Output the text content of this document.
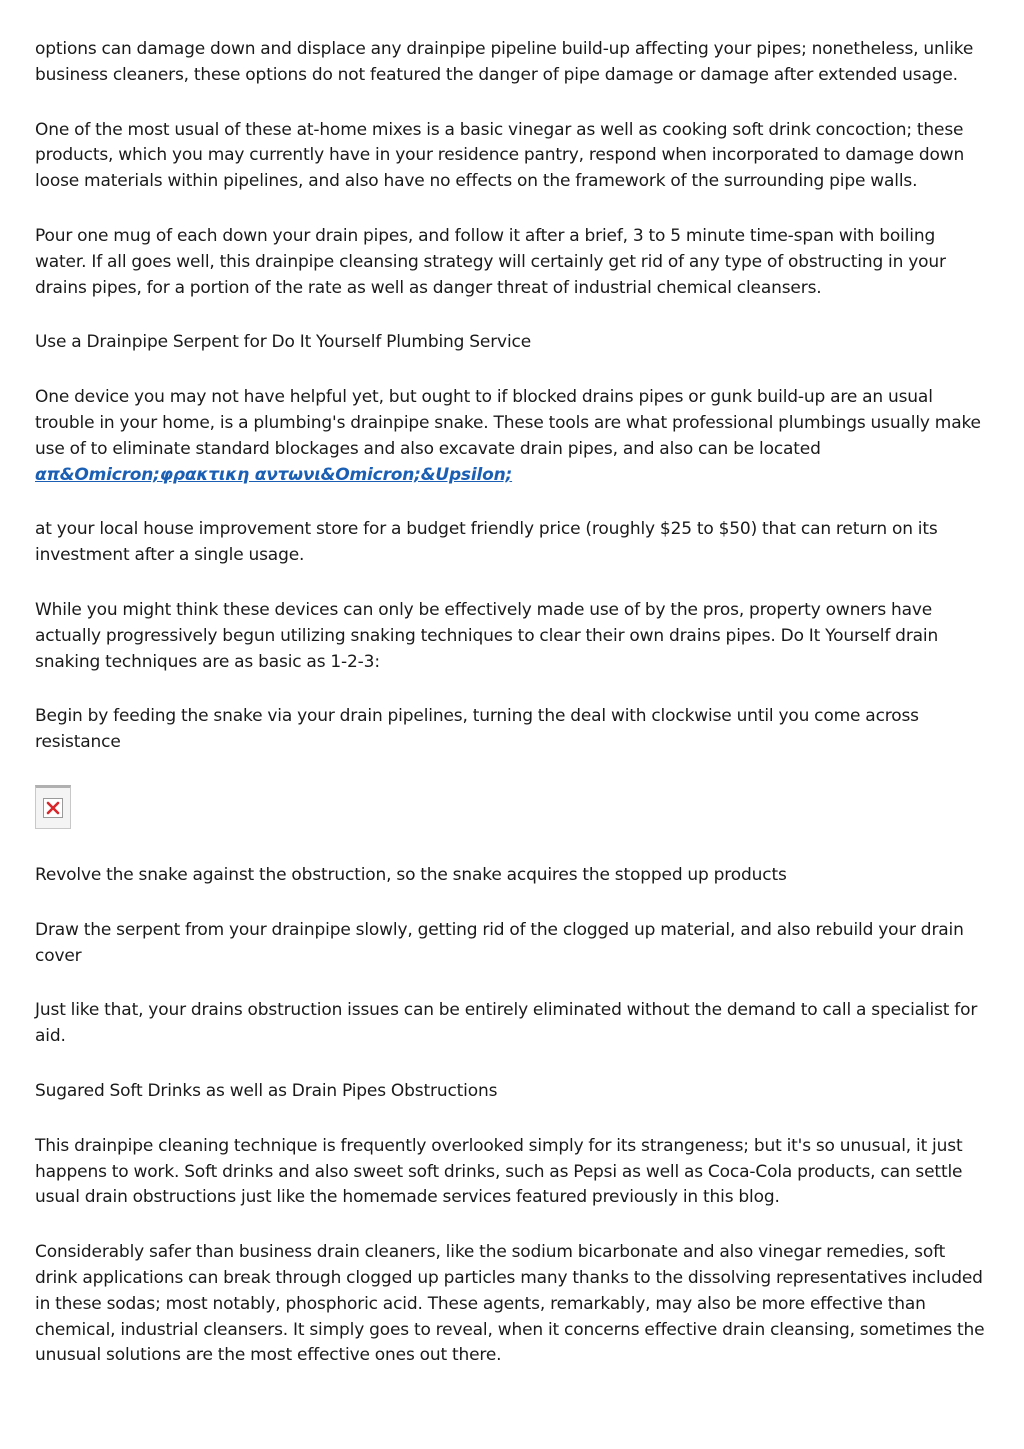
options can damage down and displace any drainpipe pipeline build-up affecting your pipes; nonetheless, unlike business cleaners, these options do not featured the danger of pipe damage or damage after extended usage.

One of the most usual of these at-home mixes is a basic vinegar as well as cooking soft drink concoction; these products, which you may currently have in your residence pantry, respond when incorporated to damage down loose materials within pipelines, and also have no effects on the framework of the surrounding pipe walls.

Pour one mug of each down your drain pipes, and follow it after a brief, 3 to 5 minute time-span with boiling water. If all goes well, this drainpipe cleansing strategy will certainly get rid of any type of obstructing in your drains pipes, for a portion of the rate as well as danger threat of industrial chemical cleansers.

Use a Drainpipe Serpent for Do It Yourself Plumbing Service

One device you may not have helpful yet, but ought to if blocked drains pipes or gunk build-up are an usual trouble in your home, is a plumbing's drainpipe snake. These tools are what professional plumbings usually make use of to eliminate standard blockages and also excavate drain pipes, and also can be located

απ&Omicron;φρακτικη αντωνι&Omicron;&Upsilon;

at your local house improvement store for a budget friendly price (roughly $25 to $50) that can return on its investment after a single usage.

While you might think these devices can only be effectively made use of by the pros, property owners have actually progressively begun utilizing snaking techniques to clear their own drains pipes. Do It Yourself drain snaking techniques are as basic as 1-2-3:

Begin by feeding the snake via your drain pipelines, turning the deal with clockwise until you come across resistance

Revolve the snake against the obstruction, so the snake acquires the stopped up products

Draw the serpent from your drainpipe slowly, getting rid of the clogged up material, and also rebuild your drain cover

Just like that, your drains obstruction issues can be entirely eliminated without the demand to call a specialist for aid.

Sugared Soft Drinks as well as Drain Pipes Obstructions

This drainpipe cleaning technique is frequently overlooked simply for its strangeness; but it's so unusual, it just happens to work. Soft drinks and also sweet soft drinks, such as Pepsi as well as Coca-Cola products, can settle usual drain obstructions just like the homemade services featured previously in this blog.

Considerably safer than business drain cleaners, like the sodium bicarbonate and also vinegar remedies, soft drink applications can break through clogged up particles many thanks to the dissolving representatives included in these sodas; most notably, phosphoric acid. These agents, remarkably, may also be more effective than chemical, industrial cleansers. It simply goes to reveal, when it concerns effective drain cleansing, sometimes the unusual solutions are the most effective ones out there.
